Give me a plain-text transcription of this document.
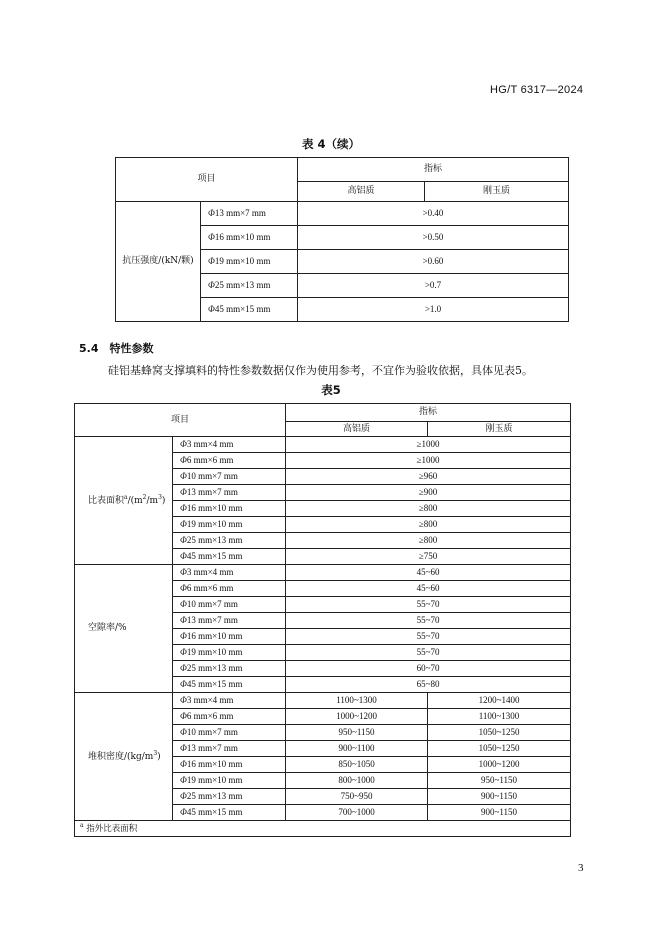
HG/T 6317—2024
表 4（续）
项目		指标	
		高铝质	刚玉质
抗压强度/(kN/颗)	Φ13 mm×7 mm	>0.40	
	Φ16 mm×10 mm	>0.50	
	Φ19 mm×10 mm	>0.60	
	Φ25 mm×13 mm	>0.7	
	Φ45 mm×15 mm	>1.0	
5.4　特性参数
硅铝基蜂窝支撑填料的特性参数数据仅作为使用参考，不宜作为验收依据，具体见表5。
表5
项目		指标	
		高铝质	刚玉质
比表面积$^a/(m^2/m^3)$	Φ3 mm×4 mm	≥1000	
	Φ6 mm×6 mm	≥1000	
	Φ10 mm×7 mm	≥960	
	Φ13 mm×7 mm	≥900	
	Φ16 mm×10 mm	≥800	
	Φ19 mm×10 mm	≥800	
	Φ25 mm×13 mm	≥800	
	Φ45 mm×15 mm	≥750	
空隙率/%	Φ3 mm×4 mm	45~60	
	Φ6 mm×6 mm	45~60	
	Φ10 mm×7 mm	55~70	
	Φ13 mm×7 mm	55~70	
	Φ16 mm×10 mm	55~70	
	Φ19 mm×10 mm	55~70	
	Φ25 mm×13 mm	60~70	
	Φ45 mm×15 mm	65~80	
堆积密度$/(kg/m^3)$	Φ3 mm×4 mm	1100~1300	1200~1400
	Φ6 mm×6 mm	1000~1200	1100~1300
	Φ10 mm×7 mm	950~1150	1050~1250
	Φ13 mm×7 mm	900~1100	1050~1250
	Φ16 mm×10 mm	850~1050	1000~1200
	Φ19 mm×10 mm	800~1000	950~1150
	Φ25 mm×13 mm	750~950	900~1150
	Φ45 mm×15 mm	700~1000	900~1150
$^a$ 指外比表面积			
3
